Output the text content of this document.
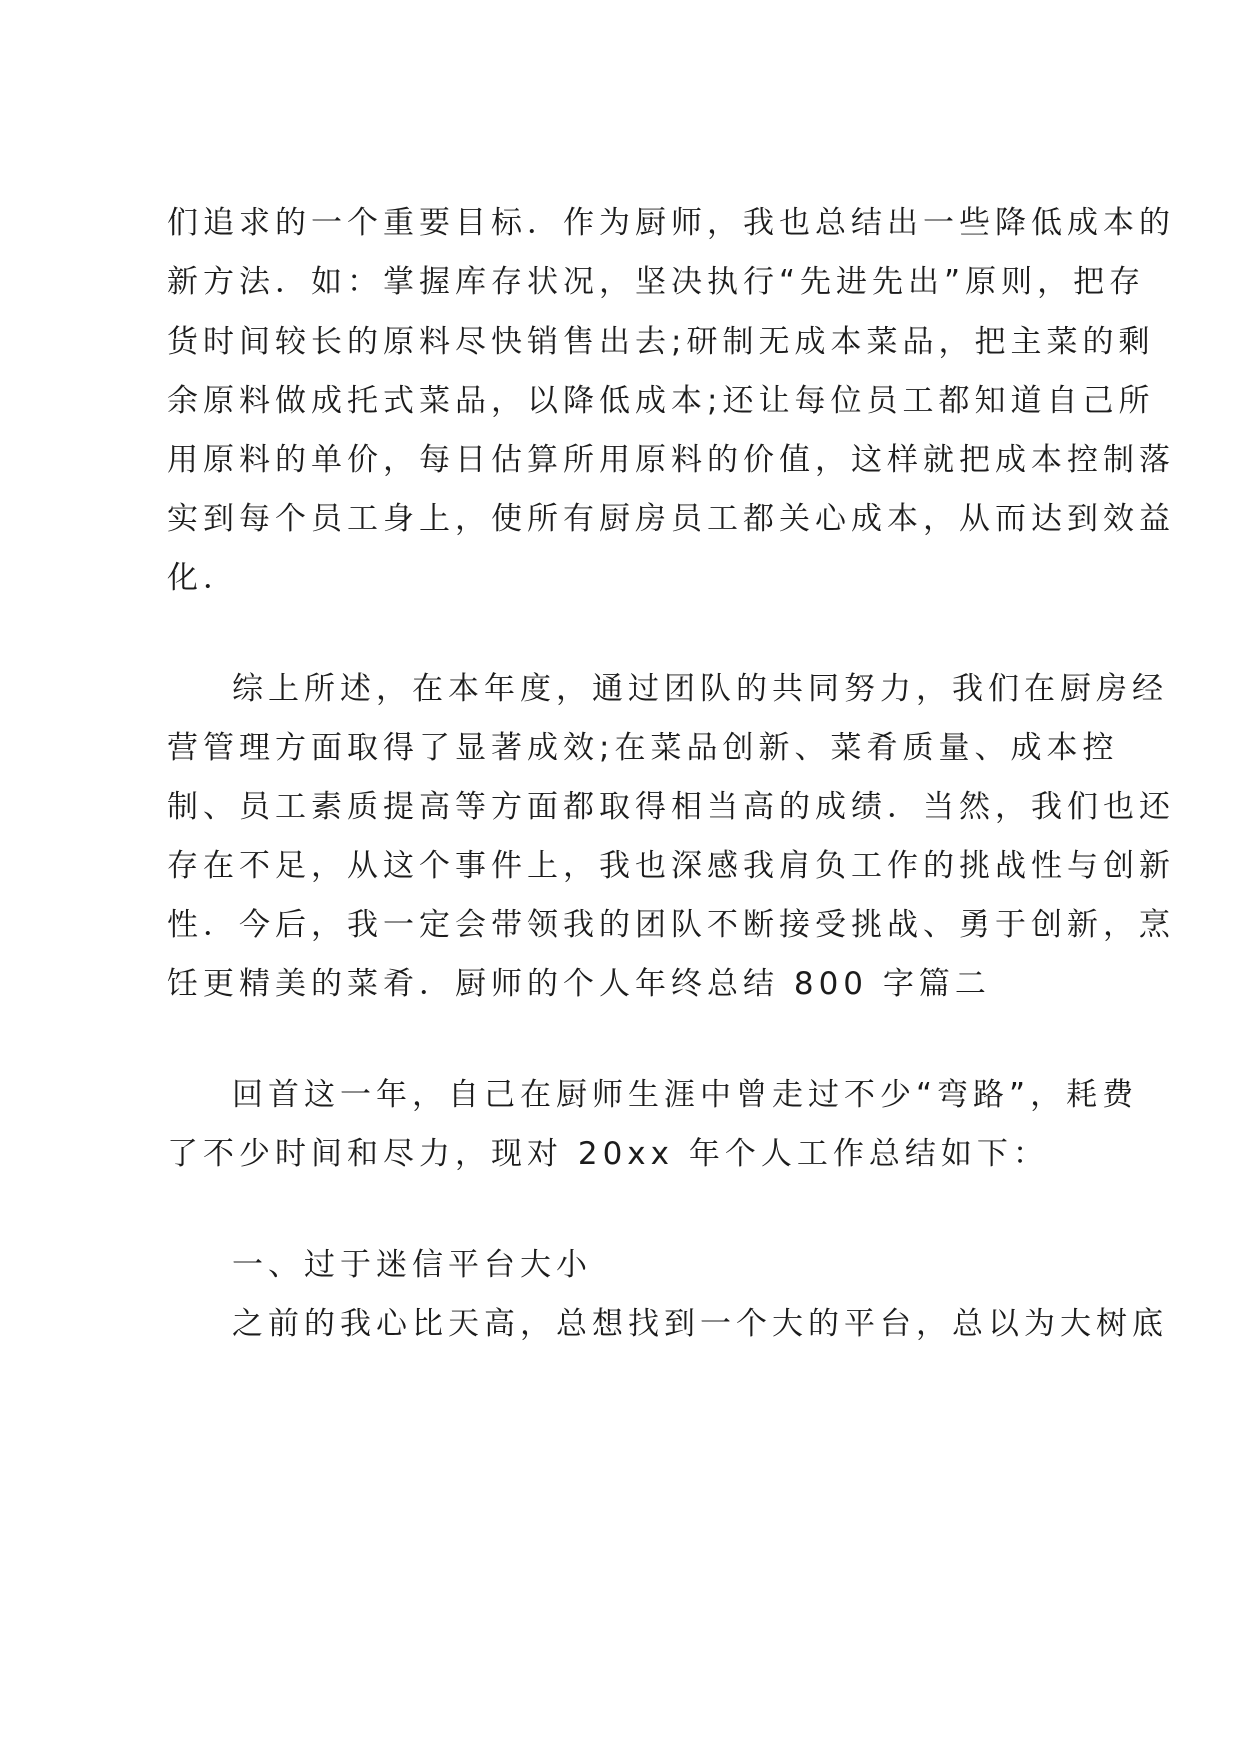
们追求的一个重要目标．作为厨师，我也总结出一些降低成本的
新方法．如：掌握库存状况，坚决执行“先进先出”原则，把存
货时间较长的原料尽快销售出去;研制无成本菜品，把主菜的剩
余原料做成托式菜品，以降低成本;还让每位员工都知道自己所
用原料的单价，每日估算所用原料的价值，这样就把成本控制落
实到每个员工身上，使所有厨房员工都关心成本，从而达到效益
化．
综上所述，在本年度，通过团队的共同努力，我们在厨房经
营管理方面取得了显著成效;在菜品创新、菜肴质量、成本控
制、员工素质提高等方面都取得相当高的成绩．当然，我们也还
存在不足，从这个事件上，我也深感我肩负工作的挑战性与创新
性．今后，我一定会带领我的团队不断接受挑战、勇于创新，烹
饪更精美的菜肴．厨师的个人年终总结 800 字篇二
回首这一年，自己在厨师生涯中曾走过不少“弯路”，耗费
了不少时间和尽力，现对 20xx 年个人工作总结如下：
一、过于迷信平台大小
之前的我心比天高，总想找到一个大的平台，总以为大树底
